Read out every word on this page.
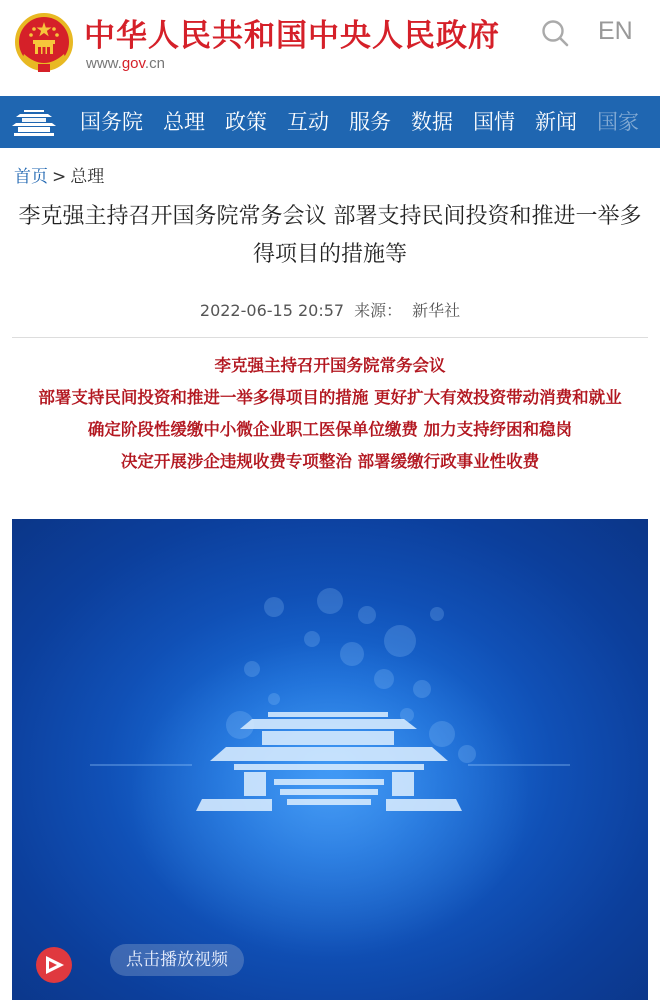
中华人民共和国中央人民政府
www.gov.cn
EN
国务院 总理 政策 互动 服务 数据 国情 新闻 国家
首页 > 总理
李克强主持召开国务院常务会议 部署支持民间投资和推进一举多得项目的措施等
2022-06-15 20:57 来源： 新华社
李克强主持召开国务院常务会议
部署支持民间投资和推进一举多得项目的措施 更好扩大有效投资带动消费和就业
确定阶段性缓缴中小微企业职工医保单位缴费 加力支持纾困和稳岗
决定开展涉企违规收费专项整治 部署缓缴行政事业性收费
点击播放视频
